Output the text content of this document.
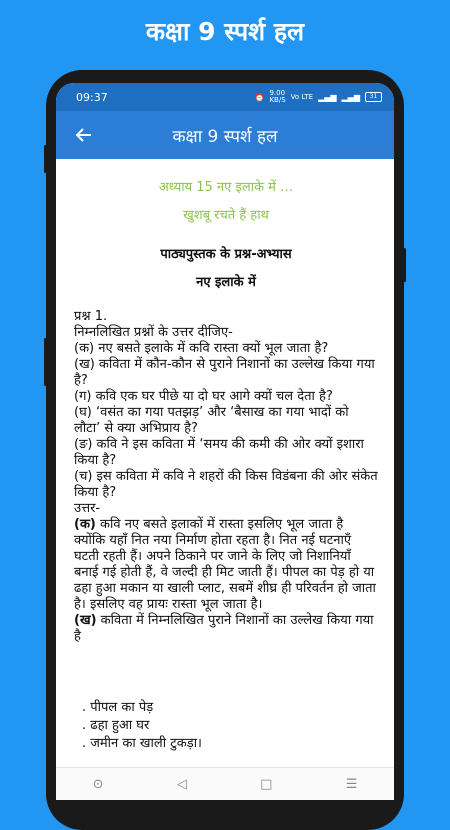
कक्षा 9 स्पर्श हल
09:37	⏰ 9.00
KB/S Vo LTE ▂▄▆ ▂▄▆	31
कक्षा 9 स्पर्श हल
अध्याय 15 नए इलाके में …
खुशबू रचते हैं हाथ
पाठ्यपुस्तक के प्रश्न-अभ्यास
नए इलाके में

प्रश्न 1.

निम्नलिखित प्रश्नों के उत्तर दीजिए-

(क) नए बसते इलाके में कवि रास्ता क्यों भूल जाता है?

(ख) कविता में कौन-कौन से पुराने निशानों का उल्लेख किया गया है?

(ग) कवि एक घर पीछे या दो घर आगे क्यों चल देता है?

(घ) ‘वसंत का गया पतझड़’ और ‘बैसाख का गया भादों को लौटा’ से क्या अभिप्राय है?

(ङ) कवि ने इस कविता में ‘समय की कमी की ओर क्यों इशारा किया है?

(च) इस कविता में कवि ने शहरों की किस विडंबना की ओर संकेत किया है?

उत्तर-

(क) कवि नए बसते इलाकों में रास्ता इसलिए भूल जाता है क्योंकि यहाँ नित नया निर्माण होता रहता है। नित नई घटनाएँ घटती रहती हैं। अपने ठिकाने पर जाने के लिए जो निशानियाँ बनाई गई होती हैं, वे जल्दी ही मिट जाती हैं। पीपल का पेड़ हो या ढहा हुआ मकान या खाली प्लाट, सबमें शीघ्र ही परिवर्तन हो जाता है। इसलिए वह प्रायः रास्ता भूल जाता है।

(ख) कविता में निम्नलिखित पुराने निशानों का उल्लेख किया गया है

. पीपल का पेड़
. ढहा हुआ घर
. जमीन का खाली टुकड़ा।
⊙	◁	□	☰
